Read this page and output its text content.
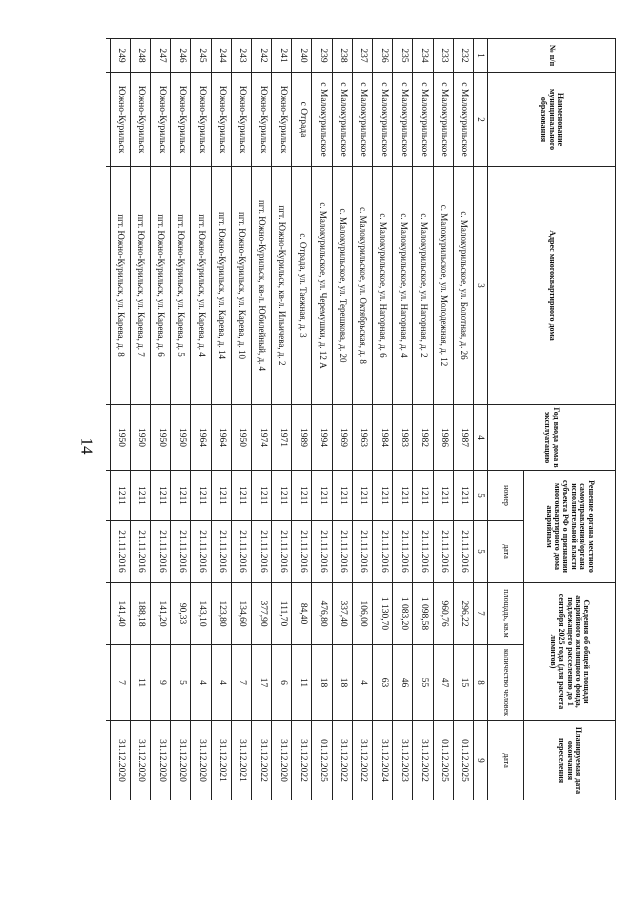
14
№ п/п	Наименование муниципального образования	Адрес многоквартирного дома	Год ввода дома в эксплуатацию	Решение органа местного самоуправления/органа исполнительной власти субъекта РФ о признании многоквартирного дома аварийным		Сведения об общей площади аварийного жилищного фонда, подлежащего расселению до 1 сентября 2025 года (для расчета лимитов)		Планируемая дата окончания переселения
				номер	дата	площадь, кв.м	количество человек	дата
1	2	3	4	5	5	7	8	9
232	с Малокурильское	с. Малокурильское, ул. Болотная, д. 26	1987	1211	21.11.2016	296,22	15	01.12.2025
233	с Малокурильское	с. Малокурильское, ул. Молодежная, д. 12	1986	1211	21.11.2016	960,76	47	01.12.2025
234	с Малокурильское	с. Малокурильское, ул. Нагорная, д. 2	1982	1211	21.11.2016	1 098,58	55	31.12.2022
235	с Малокурильское	с. Малокурильское, ул. Нагорная, д. 4	1983	1211	21.11.2016	1 083,20	46	31.12.2023
236	с Малокурильское	с. Малокурильское, ул. Нагорная, д. 6	1984	1211	21.11.2016	1 130,70	63	31.12.2024
237	с Малокурильское	с. Малокурильское, ул. Октябрьская, д. 8	1963	1211	21.11.2016	106,00	4	31.12.2022
238	с Малокурильское	с. Малокурильское, ул. Терешкова, д. 20	1969	1211	21.11.2016	337,40	18	31.12.2022
239	с Малокурильское	с. Малокурильское, ул. Черемушки, д. 12 А	1994	1211	21.11.2016	476,80	18	01.12.2025
240	с Отрада	с. Отрада, ул. Таежная, д. 3	1989	1211	21.11.2016	84,40	11	31.12.2022
241	Южно-Курильск	пгт. Южно-Курильск, кв-л. Ильичева, д. 2	1971	1211	21.11.2016	111,70	6	31.12.2020
242	Южно-Курильск	пгт. Южно-Курильск, кв-л. Юбилейный, д. 4	1974	1211	21.11.2016	377,90	17	31.12.2022
243	Южно-Курильск	пгт. Южно-Курильск, ул. Карева, д. 10	1950	1211	21.11.2016	134,60	7	31.12.2021
244	Южно-Курильск	пгт. Южно-Курильск, ул. Карева, д. 14	1964	1211	21.11.2016	123,80	4	31.12.2021
245	Южно-Курильск	пгт. Южно-Курильск, ул. Карева, д. 4	1964	1211	21.11.2016	143,10	4	31.12.2020
246	Южно-Курильск	пгт. Южно-Курильск, ул. Карева, д. 5	1950	1211	21.11.2016	90,33	5	31.12.2020
247	Южно-Курильск	пгт. Южно-Курильск, ул. Карева, д. 6	1950	1211	21.11.2016	141,20	9	31.12.2020
248	Южно-Курильск	пгт. Южно-Курильск, ул. Карева, д. 7	1950	1211	21.11.2016	188,18	11	31.12.2020
249	Южно-Курильск	пгт. Южно-Курильск, ул. Карева, д. 8	1950	1211	21.11.2016	141,40	7	31.12.2020
